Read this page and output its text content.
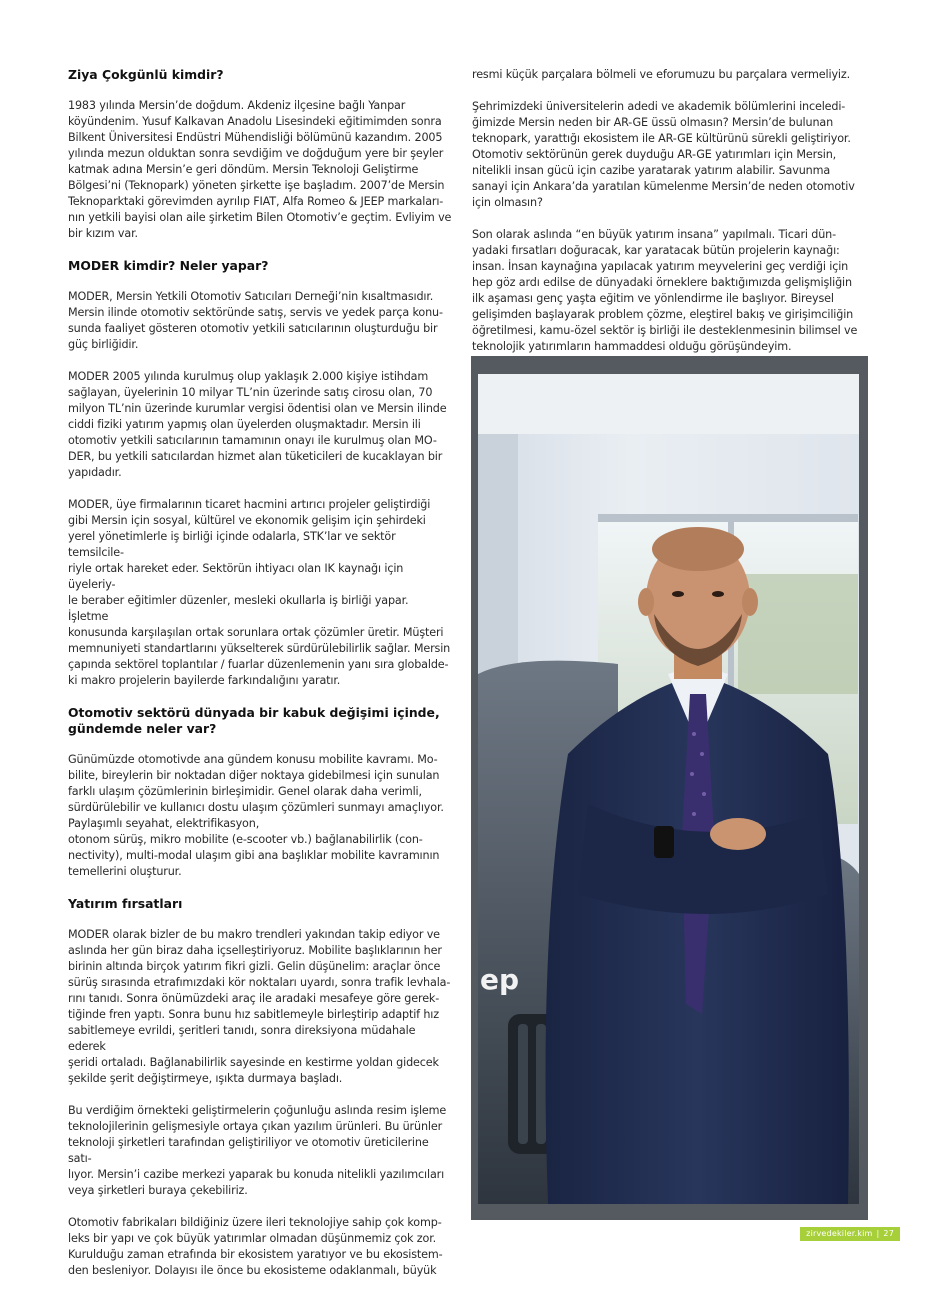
Ziya Çokgünlü kimdir?

1983 yılında Mersin’de doğdum. Akdeniz ilçesine bağlı Yanpar
köyündenim. Yusuf Kalkavan Anadolu Lisesindeki eğitimimden sonra
Bilkent Üniversitesi Endüstri Mühendisliği bölümünü kazandım. 2005
yılında mezun olduktan sonra sevdiğim ve doğduğum yere bir şeyler
katmak adına Mersin’e geri döndüm. Mersin Teknoloji Geliştirme
Bölgesi’ni (Teknopark) yöneten şirkette işe başladım. 2007’de Mersin
Teknoparktaki görevimden ayrılıp FIAT, Alfa Romeo & JEEP markaları-
nın yetkili bayisi olan aile şirketim Bilen Otomotiv’e geçtim. Evliyim ve
bir kızım var.

MODER kimdir? Neler yapar?

MODER, Mersin Yetkili Otomotiv Satıcıları Derneği’nin kısaltmasıdır.
Mersin ilinde otomotiv sektöründe satış, servis ve yedek parça konu-
sunda faaliyet gösteren otomotiv yetkili satıcılarının oluşturduğu bir
güç birliğidir.

MODER 2005 yılında kurulmuş olup yaklaşık 2.000 kişiye istihdam
sağlayan, üyelerinin 10 milyar TL’nin üzerinde satış cirosu olan, 70
milyon TL’nin üzerinde kurumlar vergisi ödentisi olan ve Mersin ilinde
ciddi fiziki yatırım yapmış olan üyelerden oluşmaktadır. Mersin ili
otomotiv yetkili satıcılarının tamamının onayı ile kurulmuş olan MO-
DER, bu yetkili satıcılardan hizmet alan tüketicileri de kucaklayan bir
yapıdadır.

MODER, üye firmalarının ticaret hacmini artırıcı projeler geliştirdiği
gibi Mersin için sosyal, kültürel ve ekonomik gelişim için şehirdeki
yerel yönetimlerle iş birliği içinde odalarla, STK’lar ve sektör temsilcile-
riyle ortak hareket eder. Sektörün ihtiyacı olan IK kaynağı için üyeleriy-
le beraber eğitimler düzenler, mesleki okullarla iş birliği yapar. İşletme
konusunda karşılaşılan ortak sorunlara ortak çözümler üretir. Müşteri
memnuniyeti standartlarını yükselterek sürdürülebilirlik sağlar. Mersin
çapında sektörel toplantılar / fuarlar düzenlemenin yanı sıra globalde-
ki makro projelerin bayilerde farkındalığını yaratır.

Otomotiv sektörü dünyada bir kabuk değişimi içinde,
gündemde neler var?

Günümüzde otomotivde ana gündem konusu mobilite kavramı. Mo-
bilite, bireylerin bir noktadan diğer noktaya gidebilmesi için sunulan
farklı ulaşım çözümlerinin birleşimidir. Genel olarak daha verimli,
sürdürülebilir ve kullanıcı dostu ulaşım çözümleri sunmayı amaçlıyor.
Paylaşımlı seyahat, elektrifikasyon,
otonom sürüş, mikro mobilite (e-scooter vb.) bağlanabilirlik (con-
nectivity), multi-modal ulaşım gibi ana başlıklar mobilite kavramının
temellerini oluşturur.

Yatırım fırsatları

MODER olarak bizler de bu makro trendleri yakından takip ediyor ve
aslında her gün biraz daha içselleştiriyoruz. Mobilite başlıklarının her
birinin altında birçok yatırım fikri gizli. Gelin düşünelim: araçlar önce
sürüş sırasında etrafımızdaki kör noktaları uyardı, sonra trafik levhala-
rını tanıdı. Sonra önümüzdeki araç ile aradaki mesafeye göre gerek-
tiğinde fren yaptı. Sonra bunu hız sabitlemeyle birleştirip adaptif hız
sabitlemeye evrildi, şeritleri tanıdı, sonra direksiyona müdahale ederek
şeridi ortaladı. Bağlanabilirlik sayesinde en kestirme yoldan gidecek
şekilde şerit değiştirmeye, ışıkta durmaya başladı.

Bu verdiğim örnekteki geliştirmelerin çoğunluğu aslında resim işleme
teknolojilerinin gelişmesiyle ortaya çıkan yazılım ürünleri. Bu ürünler
teknoloji şirketleri tarafından geliştiriliyor ve otomotiv üreticilerine satı-
lıyor. Mersin’i cazibe merkezi yaparak bu konuda nitelikli yazılımcıları
veya şirketleri buraya çekebiliriz.

Otomotiv fabrikaları bildiğiniz üzere ileri teknolojiye sahip çok komp-
leks bir yapı ve çok büyük yatırımlar olmadan düşünmemiz çok zor.
Kurulduğu zaman etrafında bir ekosistem yaratıyor ve bu ekosistem-
den besleniyor. Dolayısı ile önce bu ekosisteme odaklanmalı, büyük

resmi küçük parçalara bölmeli ve eforumuzu bu parçalara vermeliyiz.

Şehrimizdeki üniversitelerin adedi ve akademik bölümlerini inceledi-
ğimizde Mersin neden bir AR-GE üssü olmasın? Mersin’de bulunan
teknopark, yarattığı ekosistem ile AR-GE kültürünü sürekli geliştiriyor.
Otomotiv sektörünün gerek duyduğu AR-GE yatırımları için Mersin,
nitelikli insan gücü için cazibe yaratarak yatırım alabilir. Savunma
sanayi için Ankara’da yaratılan kümelenme Mersin’de neden otomotiv
için olmasın?

Son olarak aslında “en büyük yatırım insana” yapılmalı. Ticari dün-
yadaki fırsatları doğuracak, kar yaratacak bütün projelerin kaynağı:
insan. İnsan kaynağına yapılacak yatırım meyvelerini geç verdiği için
hep göz ardı edilse de dünyadaki örneklere baktığımızda gelişmişliğin
ilk aşaması genç yaşta eğitim ve yönlendirme ile başlıyor. Bireysel
gelişimden başlayarak problem çözme, eleştirel bakış ve girişimciliğin
öğretilmesi, kamu-özel sektör iş birliği ile desteklenmesinin bilimsel ve
teknolojik yatırımların hammaddesi olduğu görüşündeyim.

ep
zirvedekiler.kim | 27
